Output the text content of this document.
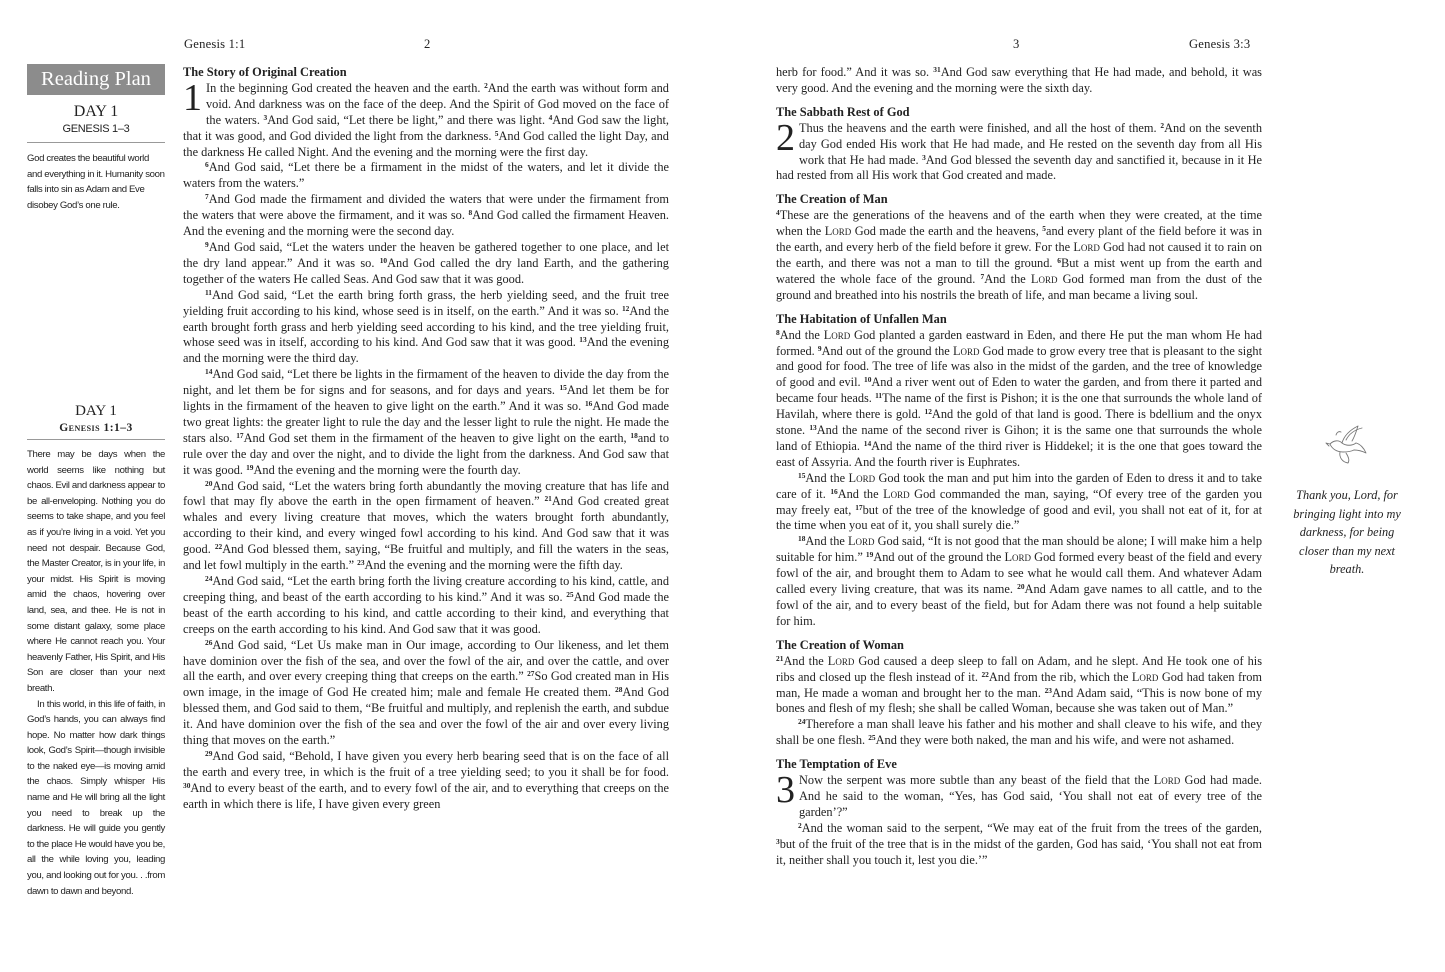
Genesis 1:1	2	3	Genesis 3:3
Reading Plan
DAY 1
GENESIS 1–3
God creates the beautiful world and everything in it. Humanity soon falls into sin as Adam and Eve disobey God’s one rule.
DAY 1
Genesis 1:1–3
There may be days when the world seems like nothing but chaos. Evil and darkness appear to be all-enveloping. Nothing you do seems to take shape, and you feel as if you’re living in a void. Yet you need not despair. Because God, the Master Creator, is in your life, in your midst. His Spirit is moving amid the chaos, hovering over land, sea, and thee. He is not in some distant galaxy, some place where He cannot reach you. Your heavenly Father, His Spirit, and His Son are closer than your next breath.
In this world, in this life of faith, in God’s hands, you can always find hope. No matter how dark things look, God’s Spirit—though invisible to the naked eye—is moving amid the chaos. Simply whisper His name and He will bring all the light you need to break up the darkness. He will guide you gently to the place He would have you be, all the while loving you, leading you, and looking out for you. . .from dawn to dawn and beyond.
The Story of Original Creation

1 In the beginning God created the heaven and the earth. $^2$And the earth was without form and void. And darkness was on the face of the deep. And the Spirit of God moved on the face of the waters. $^3$And God said, “Let there be light,” and there was light. $^4$And God saw the light, that it was good, and God divided the light from the darkness. $^5$And God called the light Day, and the darkness He called Night. And the evening and the morning were the first day.

$^6$And God said, “Let there be a firmament in the midst of the waters, and let it divide the waters from the waters.”

$^7$And God made the firmament and divided the waters that were under the firmament from the waters that were above the firmament, and it was so. $^8$And God called the firmament Heaven. And the evening and the morning were the second day.

$^9$And God said, “Let the waters under the heaven be gathered together to one place, and let the dry land appear.” And it was so. $^{10}$And God called the dry land Earth, and the gathering together of the waters He called Seas. And God saw that it was good.

$^{11}$And God said, “Let the earth bring forth grass, the herb yielding seed, and the fruit tree yielding fruit according to his kind, whose seed is in itself, on the earth.” And it was so. $^{12}$And the earth brought forth grass and herb yielding seed according to his kind, and the tree yielding fruit, whose seed was in itself, according to his kind. And God saw that it was good. $^{13}$And the evening and the morning were the third day.

$^{14}$And God said, “Let there be lights in the firmament of the heaven to divide the day from the night, and let them be for signs and for seasons, and for days and years. $^{15}$And let them be for lights in the firmament of the heaven to give light on the earth.” And it was so. $^{16}$And God made two great lights: the greater light to rule the day and the lesser light to rule the night. He made the stars also. $^{17}$And God set them in the firmament of the heaven to give light on the earth, $^{18}$and to rule over the day and over the night, and to divide the light from the darkness. And God saw that it was good. $^{19}$And the evening and the morning were the fourth day.

$^{20}$And God said, “Let the waters bring forth abundantly the moving creature that has life and fowl that may fly above the earth in the open firmament of heaven.” $^{21}$And God created great whales and every living creature that moves, which the waters brought forth abundantly, according to their kind, and every winged fowl according to his kind. And God saw that it was good. $^{22}$And God blessed them, saying, “Be fruitful and multiply, and fill the waters in the seas, and let fowl multiply in the earth.” $^{23}$And the evening and the morning were the fifth day.

$^{24}$And God said, “Let the earth bring forth the living creature according to his kind, cattle, and creeping thing, and beast of the earth according to his kind.” And it was so. $^{25}$And God made the beast of the earth according to his kind, and cattle according to their kind, and everything that creeps on the earth according to his kind. And God saw that it was good.

$^{26}$And God said, “Let Us make man in Our image, according to Our likeness, and let them have dominion over the fish of the sea, and over the fowl of the air, and over the cattle, and over all the earth, and over every creeping thing that creeps on the earth.” $^{27}$So God created man in His own image, in the image of God He created him; male and female He created them. $^{28}$And God blessed them, and God said to them, “Be fruitful and multiply, and replenish the earth, and subdue it. And have dominion over the fish of the sea and over the fowl of the air and over every living thing that moves on the earth.”

$^{29}$And God said, “Behold, I have given you every herb bearing seed that is on the face of all the earth and every tree, in which is the fruit of a tree yielding seed; to you it shall be for food. $^{30}$And to every beast of the earth, and to every fowl of the air, and to everything that creeps on the earth in which there is life, I have given every green

herb for food.” And it was so. $^{31}$And God saw everything that He had made, and behold, it was very good. And the evening and the morning were the sixth day.

The Sabbath Rest of God

2 Thus the heavens and the earth were finished, and all the host of them. $^2$And on the seventh day God ended His work that He had made, and He rested on the seventh day from all His work that He had made. $^3$And God blessed the seventh day and sanctified it, because in it He had rested from all His work that God created and made.

The Creation of Man

$^4$These are the generations of the heavens and of the earth when they were created, at the time when the Lord God made the earth and the heavens, $^5$and every plant of the field before it was in the earth, and every herb of the field before it grew. For the Lord God had not caused it to rain on the earth, and there was not a man to till the ground. $^6$But a mist went up from the earth and watered the whole face of the ground. $^7$And the Lord God formed man from the dust of the ground and breathed into his nostrils the breath of life, and man became a living soul.

The Habitation of Unfallen Man

$^8$And the Lord God planted a garden eastward in Eden, and there He put the man whom He had formed. $^9$And out of the ground the Lord God made to grow every tree that is pleasant to the sight and good for food. The tree of life was also in the midst of the garden, and the tree of knowledge of good and evil. $^{10}$And a river went out of Eden to water the garden, and from there it parted and became four heads. $^{11}$The name of the first is Pishon; it is the one that surrounds the whole land of Havilah, where there is gold. $^{12}$And the gold of that land is good. There is bdellium and the onyx stone. $^{13}$And the name of the second river is Gihon; it is the same one that surrounds the whole land of Ethiopia. $^{14}$And the name of the third river is Hiddekel; it is the one that goes toward the east of Assyria. And the fourth river is Euphrates.

$^{15}$And the Lord God took the man and put him into the garden of Eden to dress it and to take care of it. $^{16}$And the Lord God commanded the man, saying, “Of every tree of the garden you may freely eat, $^{17}$but of the tree of the knowledge of good and evil, you shall not eat of it, for at the time when you eat of it, you shall surely die.”

$^{18}$And the Lord God said, “It is not good that the man should be alone; I will make him a help suitable for him.” $^{19}$And out of the ground the Lord God formed every beast of the field and every fowl of the air, and brought them to Adam to see what he would call them. And whatever Adam called every living creature, that was its name. $^{20}$And Adam gave names to all cattle, and to the fowl of the air, and to every beast of the field, but for Adam there was not found a help suitable for him.

The Creation of Woman

$^{21}$And the Lord God caused a deep sleep to fall on Adam, and he slept. And He took one of his ribs and closed up the flesh instead of it. $^{22}$And from the rib, which the Lord God had taken from man, He made a woman and brought her to the man. $^{23}$And Adam said, “This is now bone of my bones and flesh of my flesh; she shall be called Woman, because she was taken out of Man.”

$^{24}$Therefore a man shall leave his father and his mother and shall cleave to his wife, and they shall be one flesh. $^{25}$And they were both naked, the man and his wife, and were not ashamed.

The Temptation of Eve

3 Now the serpent was more subtle than any beast of the field that the Lord God had made. And he said to the woman, “Yes, has God said, ‘You shall not eat of every tree of the garden’?”

$^2$And the woman said to the serpent, “We may eat of the fruit from the trees of the garden, $^3$but of the fruit of the tree that is in the midst of the garden, God has said, ‘You shall not eat from it, neither shall you touch it, lest you die.’”

Thank you, Lord, for bringing light into my darkness, for being closer than my next breath.
